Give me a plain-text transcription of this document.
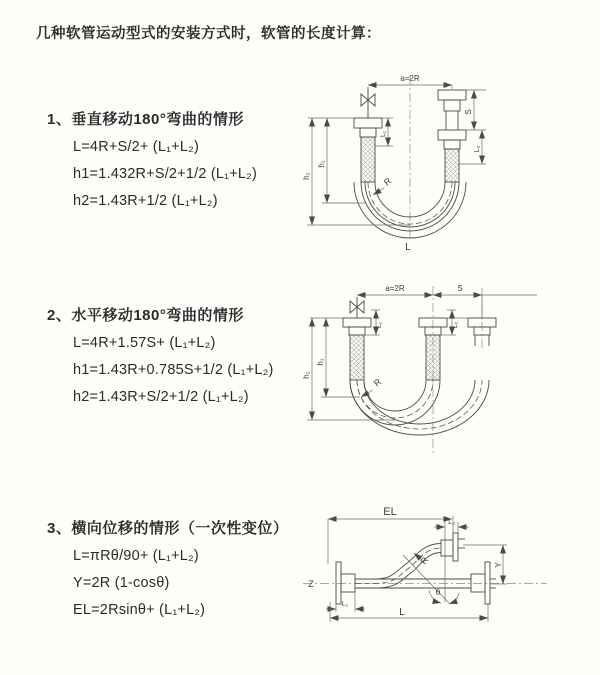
几种软管运动型式的安装方式时，软管的长度计算：
1、垂直移动180°弯曲的情形
L=4R+S/2+ (L₁+L₂)
h1=1.432R+S/2+1/2 (L₁+L₂)
h2=1.43R+1/2 (L₁+L₂)
2、水平移动180°弯曲的情形
L=4R+1.57S+ (L₁+L₂)
h1=1.43R+0.785S+1/2 (L₁+L₂)
h2=1.43R+S/2+1/2 (L₁+L₂)
3、横向位移的情形（一次性变位）
L=πRθ/90+ (L₁+L₂)
Y=2R (1-cosθ)
EL=2Rsinθ+ (L₁+L₂)
a=2R
R
h₁
h₂
L₁
S
L₂
L
a=2R	S
R
h₁
h₂
L₁	L₂
Z
EL
L₂
Y
R
θ
L₁
L
